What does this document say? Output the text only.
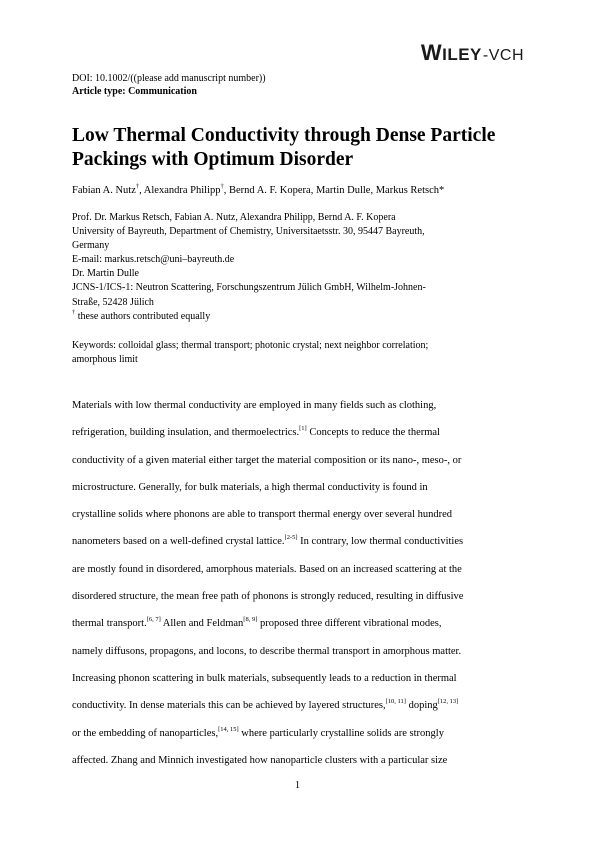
WILEY-VCH
DOI: 10.1002/((please add manuscript number))
Article type: Communication
Low Thermal Conductivity through Dense Particle
Packings with Optimum Disorder
Fabian A. Nutz†, Alexandra Philipp†, Bernd A. F. Kopera, Martin Dulle, Markus Retsch*
Prof. Dr. Markus Retsch, Fabian A. Nutz, Alexandra Philipp, Bernd A. F. Kopera
University of Bayreuth, Department of Chemistry, Universitaetsstr. 30, 95447 Bayreuth,
Germany
E-mail: markus.retsch@uni–bayreuth.de
Dr. Martin Dulle
JCNS-1/ICS-1: Neutron Scattering, Forschungszentrum Jülich GmbH, Wilhelm-Johnen-
Straße, 52428 Jülich
† these authors contributed equally
Keywords: colloidal glass; thermal transport; photonic crystal; next neighbor correlation;
amorphous limit
Materials with low thermal conductivity are employed in many fields such as clothing,
refrigeration, building insulation, and thermoelectrics.[1] Concepts to reduce the thermal
conductivity of a given material either target the material composition or its nano-, meso-, or
microstructure. Generally, for bulk materials, a high thermal conductivity is found in
crystalline solids where phonons are able to transport thermal energy over several hundred
nanometers based on a well-defined crystal lattice.[2-5] In contrary, low thermal conductivities
are mostly found in disordered, amorphous materials. Based on an increased scattering at the
disordered structure, the mean free path of phonons is strongly reduced, resulting in diffusive
thermal transport.[6, 7] Allen and Feldman[8, 9] proposed three different vibrational modes,
namely diffusons, propagons, and locons, to describe thermal transport in amorphous matter.
Increasing phonon scattering in bulk materials, subsequently leads to a reduction in thermal
conductivity. In dense materials this can be achieved by layered structures,[10, 11] doping[12, 13]
or the embedding of nanoparticles,[14, 15] where particularly crystalline solids are strongly
affected. Zhang and Minnich investigated how nanoparticle clusters with a particular size
1
